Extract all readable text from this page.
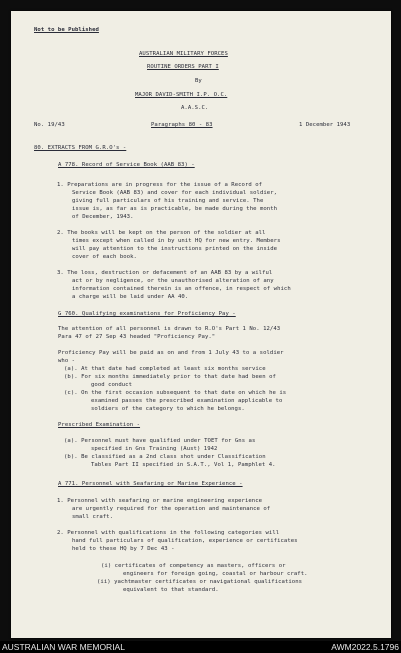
Not to be Published
AUSTRALIAN MILITARY FORCES
ROUTINE ORDERS PART I
By
MAJOR DAVID-SMITH I.P. O.C.
A.A.S.C.
No. 19/43	Paragraphs 80 - 83	1 December 1943
80. EXTRACTS FROM G.R.O's -
A 778. Record of Service Book (AAB 83) -
1. Preparations are in progress for the issue of a Record of
Service Book (AAB 83) and cover for each individual soldier,
giving full particulars of his training and service. The
issue is, as far as is practicable, be made during the month
of December, 1943.
2. The books will be kept on the person of the soldier at all
times except when called in by unit HQ for new entry. Members
will pay attention to the instructions printed on the inside
cover of each book.
3. The loss, destruction or defacement of an AAB 83 by a wilful
act or by negligence, or the unauthorised alteration of any
information contained therein is an offence, in respect of which
a charge will be laid under AA 40.
G 760. Qualifying examinations for Proficiency Pay -
The attention of all personnel is drawn to R.O's Part 1 No. 12/43
Para 47 of 27 Sep 43 headed "Proficiency Pay."
Proficiency Pay will be paid as on and from 1 July 43 to a soldier
who -
(a). At that date had completed at least six months service
(b). For six months immediately prior to that date had been of
good conduct
(c). On the first occasion subsequent to that date on which he is
examined passes the prescribed examination applicable to
soldiers of the category to which he belongs.
Prescribed Examination -
(a). Personnel must have qualified under TOET for Gns as
specified in Gns Training (Aust) 1942
(b). Be classified as a 2nd class shot under Classification
Tables Part II specified in S.A.T., Vol 1, Pamphlet 4.
A 771. Personnel with Seafaring or Marine Experience -
1. Personnel with seafaring or marine engineering experience
are urgently required for the operation and maintenance of
small craft.
2. Personnel with qualifications in the following categories will
hand full particulars of qualification, experience or certificates
held to these HQ by 7 Dec 43 -
(i) certificates of competency as masters, officers or
engineers for foreign going, coastal or harbour craft.
(ii) yachtmaster certificates or navigational qualifications
equivalent to that standard.
AUSTRALIAN WAR MEMORIAL	AWM2022.5.1796
